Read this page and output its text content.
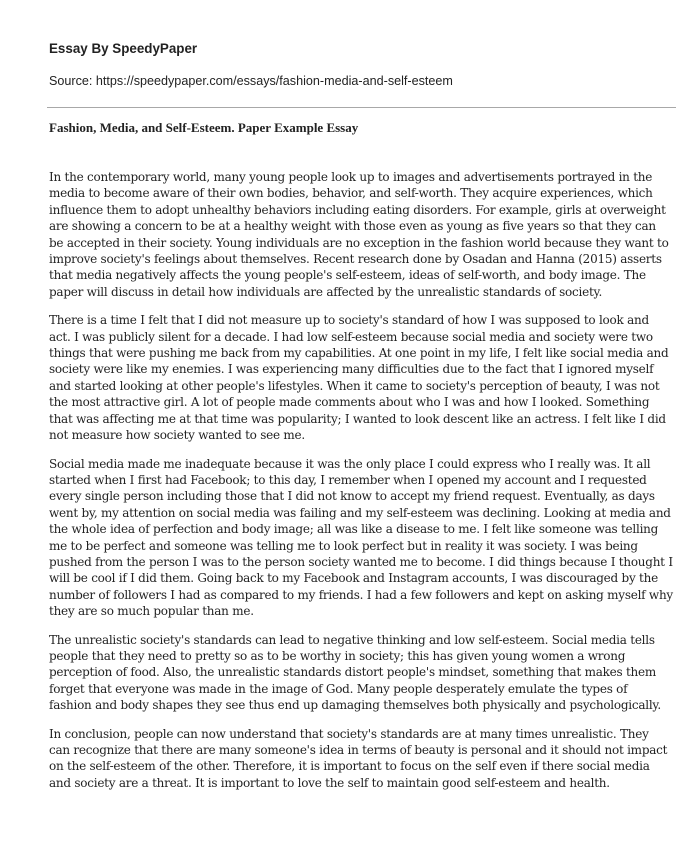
Essay By SpeedyPaper

Source: https://speedypaper.com/essays/fashion-media-and-self-esteem

Fashion, Media, and Self-Esteem. Paper Example Essay

In the contemporary world, many young people look up to images and advertisements portrayed in the media to become aware of their own bodies, behavior, and self-worth. They acquire experiences, which influence them to adopt unhealthy behaviors including eating disorders. For example, girls at overweight are showing a concern to be at a healthy weight with those even as young as five years so that they can be accepted in their society. Young individuals are no exception in the fashion world because they want to improve society's feelings about themselves. Recent research done by Osadan and Hanna (2015) asserts that media negatively affects the young people's self-esteem, ideas of self-worth, and body image. The paper will discuss in detail how individuals are affected by the unrealistic standards of society.

There is a time I felt that I did not measure up to society's standard of how I was supposed to look and act. I was publicly silent for a decade. I had low self-esteem because social media and society were two things that were pushing me back from my capabilities. At one point in my life, I felt like social media and society were like my enemies. I was experiencing many difficulties due to the fact that I ignored myself and started looking at other people's lifestyles. When it came to society's perception of beauty, I was not the most attractive girl. A lot of people made comments about who I was and how I looked. Something that was affecting me at that time was popularity; I wanted to look descent like an actress. I felt like I did not measure how society wanted to see me.

Social media made me inadequate because it was the only place I could express who I really was. It all started when I first had Facebook; to this day, I remember when I opened my account and I requested every single person including those that I did not know to accept my friend request. Eventually, as days went by, my attention on social media was failing and my self-esteem was declining. Looking at media and the whole idea of perfection and body image; all was like a disease to me. I felt like someone was telling me to be perfect and someone was telling me to look perfect but in reality it was society. I was being pushed from the person I was to the person society wanted me to become. I did things because I thought I will be cool if I did them. Going back to my Facebook and Instagram accounts, I was discouraged by the number of followers I had as compared to my friends. I had a few followers and kept on asking myself why they are so much popular than me.

The unrealistic society's standards can lead to negative thinking and low self-esteem. Social media tells people that they need to pretty so as to be worthy in society; this has given young women a wrong perception of food. Also, the unrealistic standards distort people's mindset, something that makes them forget that everyone was made in the image of God. Many people desperately emulate the types of fashion and body shapes they see thus end up damaging themselves both physically and psychologically.

In conclusion, people can now understand that society's standards are at many times unrealistic. They can recognize that there are many someone's idea in terms of beauty is personal and it should not impact on the self-esteem of the other. Therefore, it is important to focus on the self even if there social media and society are a threat. It is important to love the self to maintain good self-esteem and health.
